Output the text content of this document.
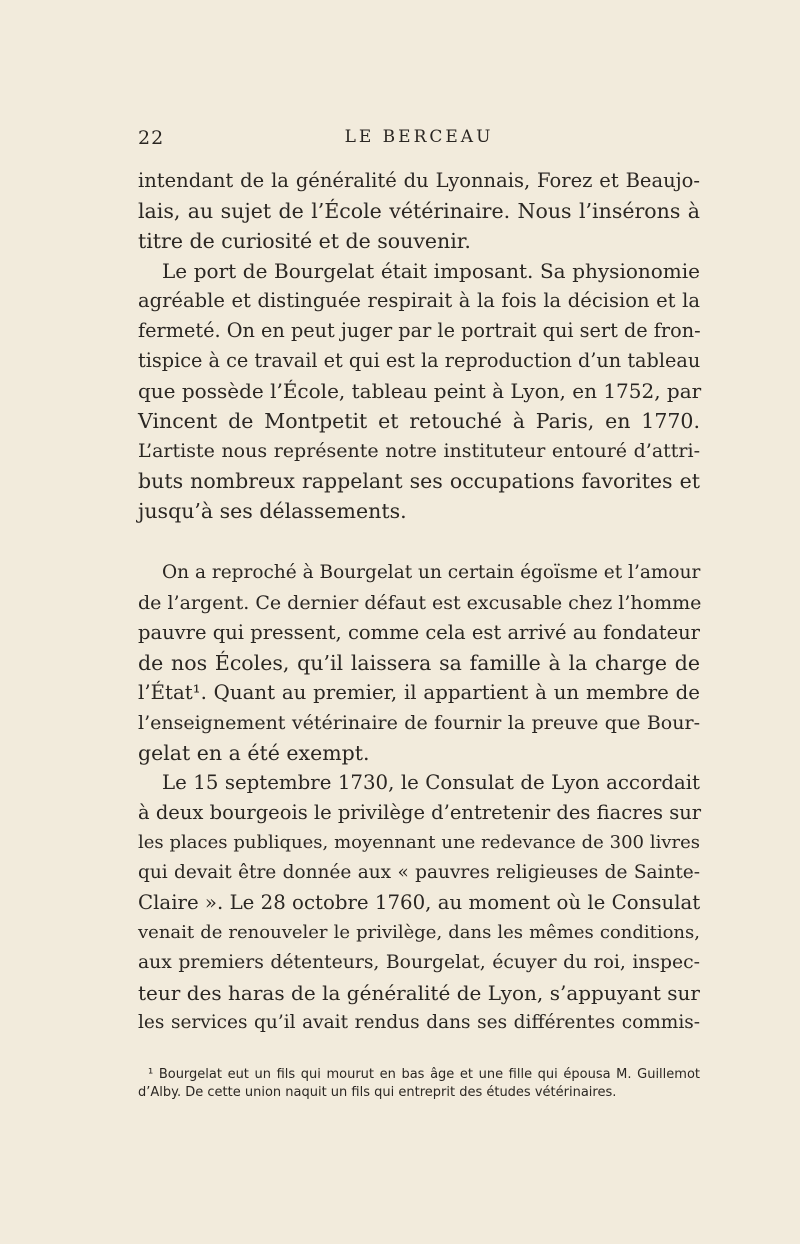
22	LE BERCEAU
intendant de la généralité du Lyonnais, Forez et Beaujo-
lais, au sujet de l’École vétérinaire. Nous l’insérons à
titre de curiosité et de souvenir.
Le port de Bourgelat était imposant. Sa physionomie
agréable et distinguée respirait à la fois la décision et la
fermeté. On en peut juger par le portrait qui sert de fron-
tispice à ce travail et qui est la reproduction d’un tableau
que possède l’École, tableau peint à Lyon, en 1752, par
Vincent de Montpetit et retouché à Paris, en 1770.
L’artiste nous représente notre instituteur entouré d’attri-
buts nombreux rappelant ses occupations favorites et
jusqu’à ses délassements.
On a reproché à Bourgelat un certain égoïsme et l’amour
de l’argent. Ce dernier défaut est excusable chez l’homme
pauvre qui pressent, comme cela est arrivé au fondateur
de nos Écoles, qu’il laissera sa famille à la charge de
l’État¹. Quant au premier, il appartient à un membre de
l’enseignement vétérinaire de fournir la preuve que Bour-
gelat en a été exempt.
Le 15 septembre 1730, le Consulat de Lyon accordait
à deux bourgeois le privilège d’entretenir des fiacres sur
les places publiques, moyennant une redevance de 300 livres
qui devait être donnée aux « pauvres religieuses de Sainte-
Claire ». Le 28 octobre 1760, au moment où le Consulat
venait de renouveler le privilège, dans les mêmes conditions,
aux premiers détenteurs, Bourgelat, écuyer du roi, inspec-
teur des haras de la généralité de Lyon, s’appuyant sur
les services qu’il avait rendus dans ses différentes commis-
¹ Bourgelat eut un fils qui mourut en bas âge et une fille qui épousa M. Guillemot
d’Alby. De cette union naquit un fils qui entreprit des études vétérinaires.
